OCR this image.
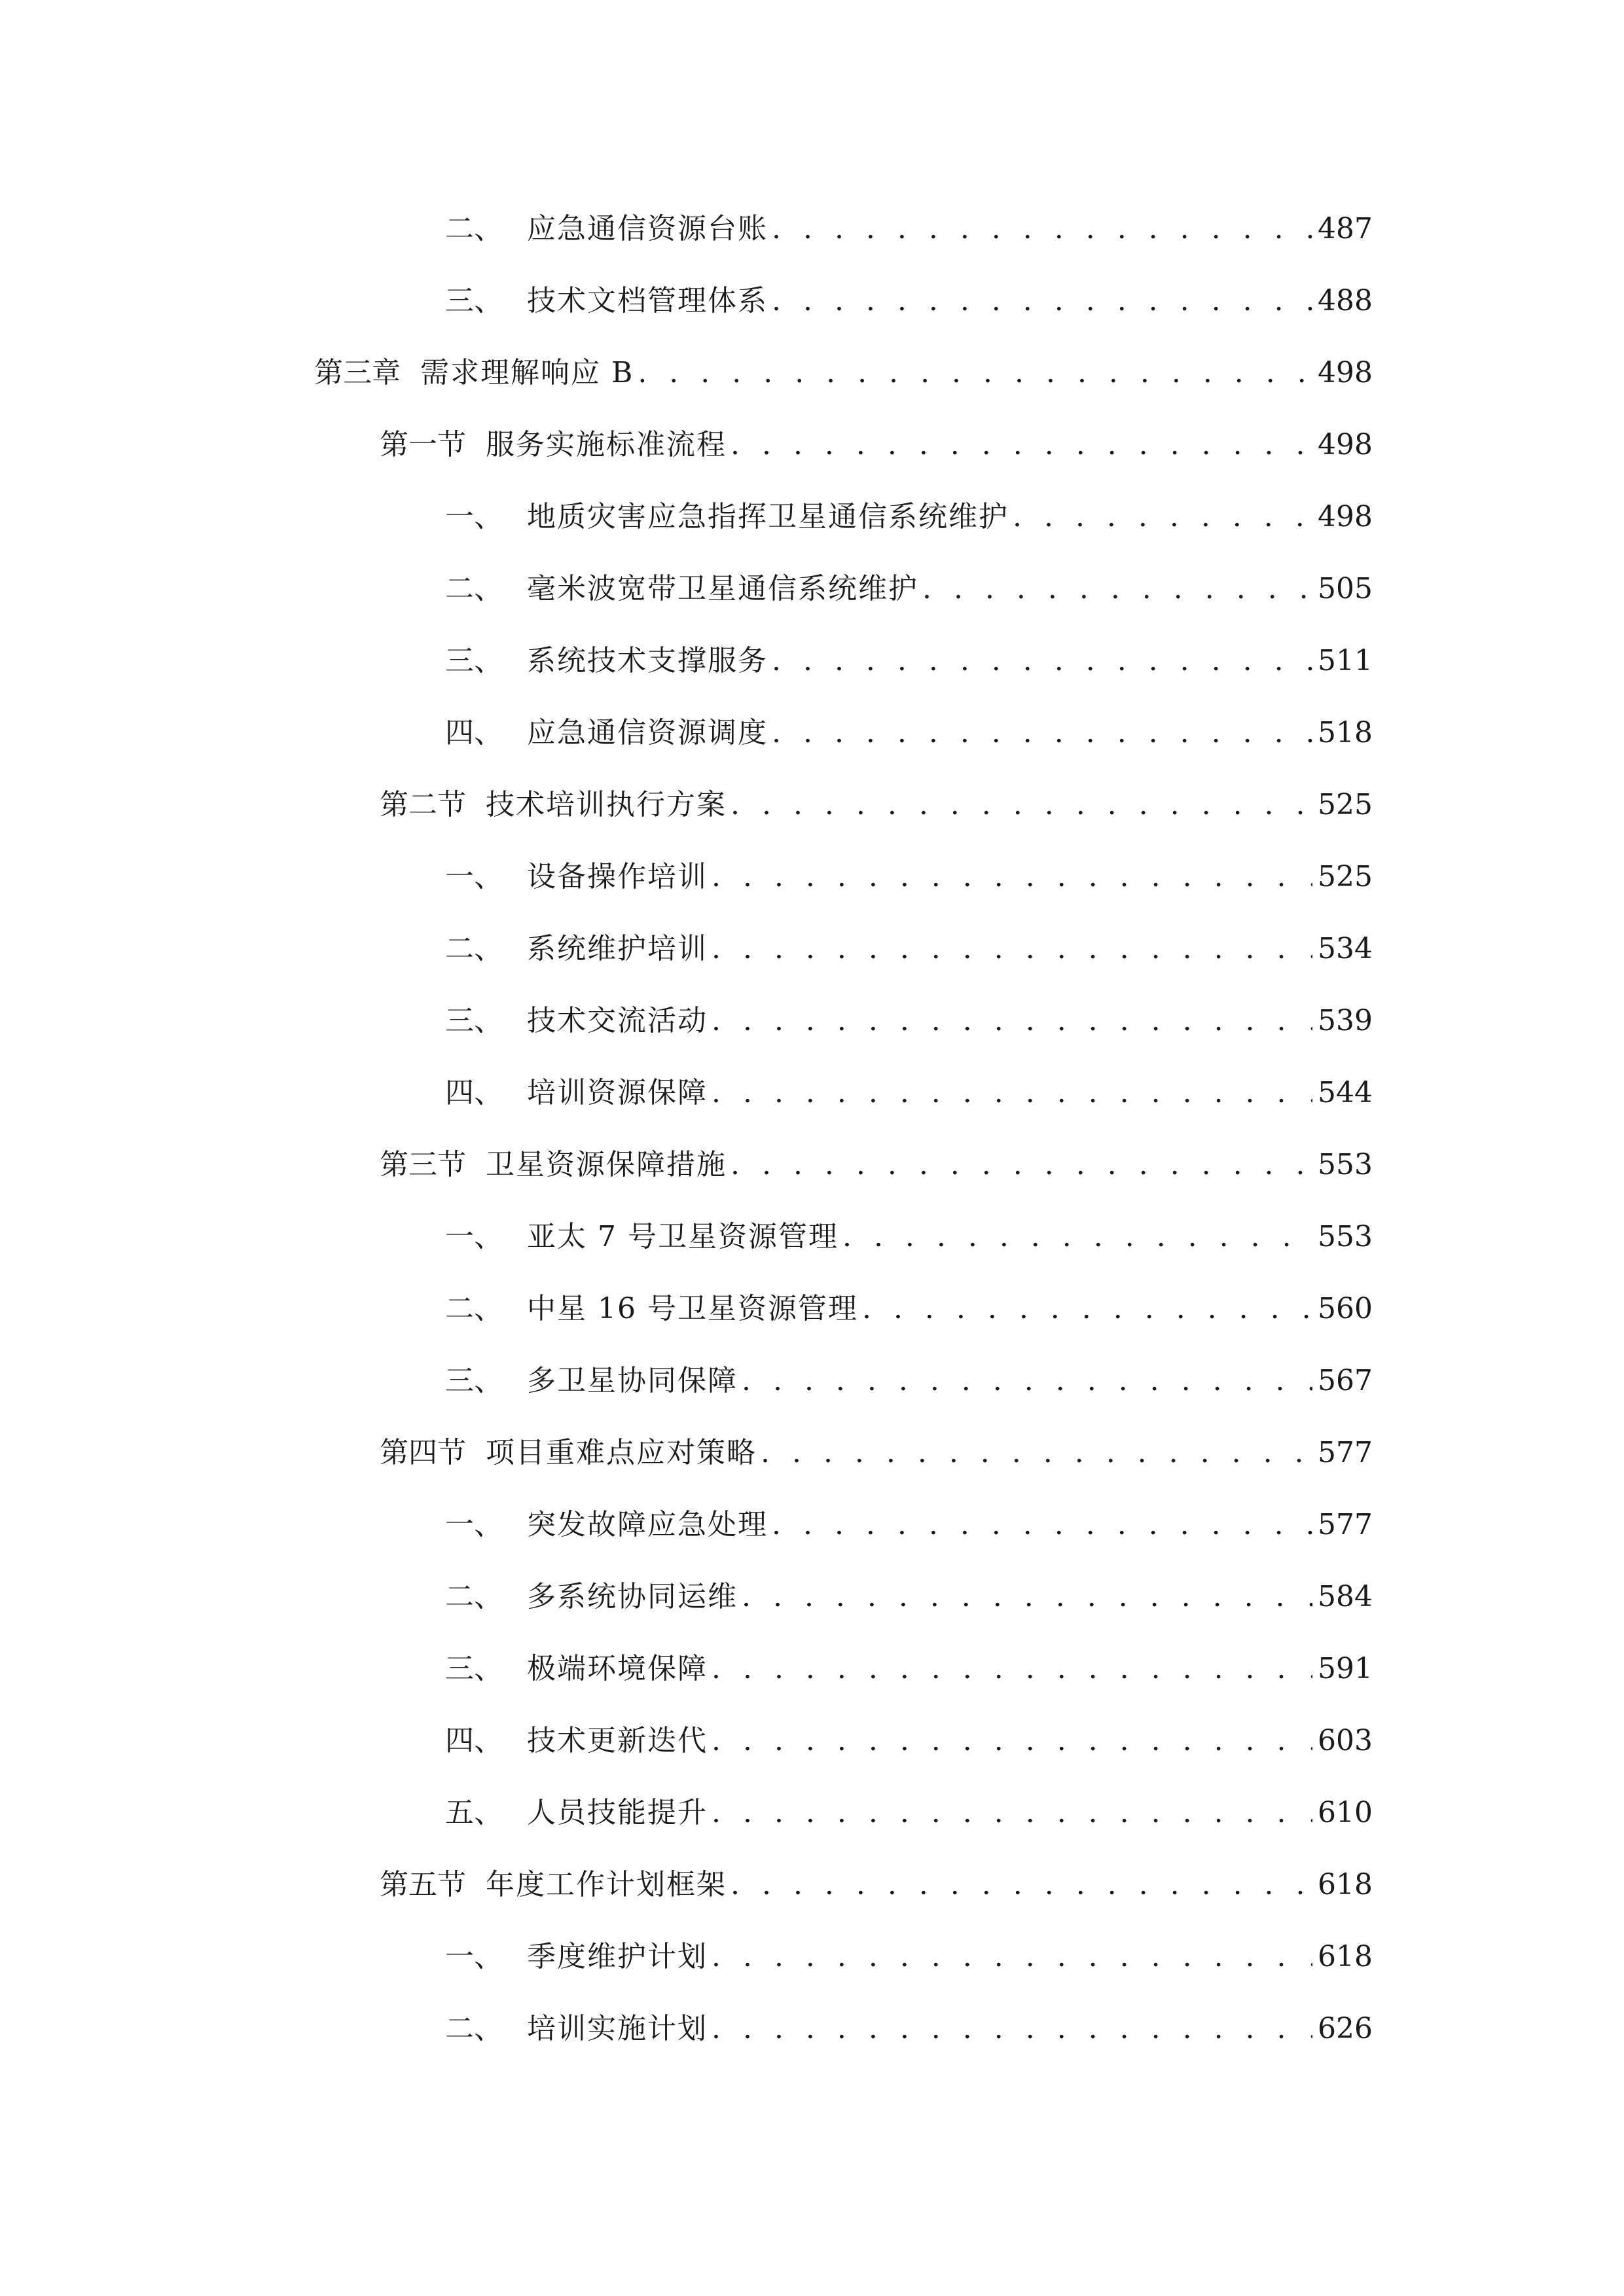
二、 应急通信资源台账 . . .	487
三、 技术文档管理体系 . . .	488
第三章 需求理解响应 B . . .	498
第一节 服务实施标准流程 . . .	498
一、 地质灾害应急指挥卫星通信系统维护 . . .	498
二、 毫米波宽带卫星通信系统维护 . . .	505
三、 系统技术支撑服务 . . .	511
四、 应急通信资源调度 . . .	518
第二节 技术培训执行方案 . . .	525
一、 设备操作培训 . . .	525
二、 系统维护培训 . . .	534
三、 技术交流活动 . . .	539
四、 培训资源保障 . . .	544
第三节 卫星资源保障措施 . . .	553
一、 亚太 7 号卫星资源管理 . . .	553
二、 中星 16 号卫星资源管理 . . .	560
三、 多卫星协同保障 . . .	567
第四节 项目重难点应对策略 . . .	577
一、 突发故障应急处理 . . .	577
二、 多系统协同运维 . . .	584
三、 极端环境保障 . . .	591
四、 技术更新迭代 . . .	603
五、 人员技能提升 . . .	610
第五节 年度工作计划框架 . . .	618
一、 季度维护计划 . . .	618
二、 培训实施计划 . . .	626
